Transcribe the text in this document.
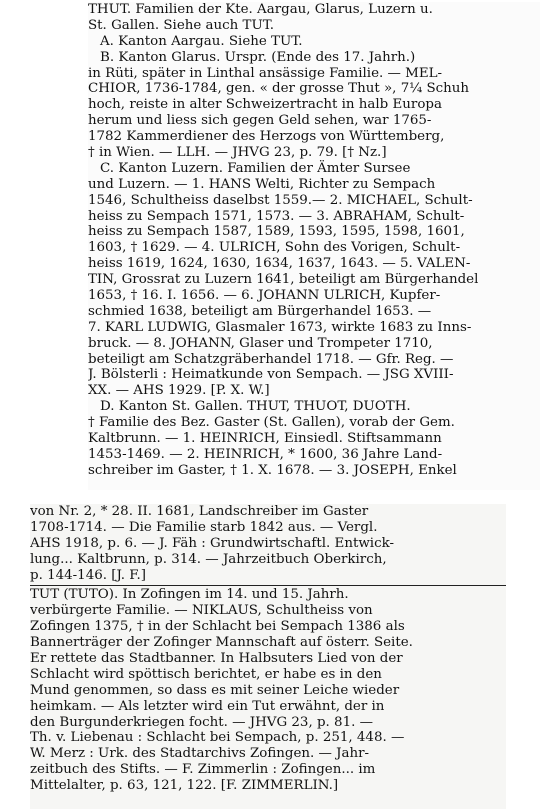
THUT. Familien der Kte. Aargau, Glarus, Luzern u.
St. Gallen. Siehe auch TUT.
A. Kanton Aargau. Siehe TUT.
B. Kanton Glarus. Urspr. (Ende des 17. Jahrh.)
in Rüti, später in Linthal ansässige Familie. — MEL-
CHIOR, 1736-1784, gen. « der grosse Thut », 7¼ Schuh
hoch, reiste in alter Schweizertracht in halb Europa
herum und liess sich gegen Geld sehen, war 1765-
1782 Kammerdiener des Herzogs von Württemberg,
† in Wien. — LLH. — JHVG 23, p. 79. [† Nz.]
C. Kanton Luzern. Familien der Ämter Sursee
und Luzern. — 1. HANS Welti, Richter zu Sempach
1546, Schultheiss daselbst 1559.— 2. MICHAEL, Schult-
heiss zu Sempach 1571, 1573. — 3. ABRAHAM, Schult-
heiss zu Sempach 1587, 1589, 1593, 1595, 1598, 1601,
1603, † 1629. — 4. ULRICH, Sohn des Vorigen, Schult-
heiss 1619, 1624, 1630, 1634, 1637, 1643. — 5. VALEN-
TIN, Grossrat zu Luzern 1641, beteiligt am Bürgerhandel
1653, † 16. I. 1656. — 6. JOHANN ULRICH, Kupfer-
schmied 1638, beteiligt am Bürgerhandel 1653. —
7. KARL LUDWIG, Glasmaler 1673, wirkte 1683 zu Inns-
bruck. — 8. JOHANN, Glaser und Trompeter 1710,
beteiligt am Schatzgräberhandel 1718. — Gfr. Reg. —
J. Bölsterli : Heimatkunde von Sempach. — JSG XVIII-
XX. — AHS 1929. [P. X. W.]
D. Kanton St. Gallen. THUT, THUOT, DUOTH.
† Familie des Bez. Gaster (St. Gallen), vorab der Gem.
Kaltbrunn. — 1. HEINRICH, Einsiedl. Stiftsammann
1453-1469. — 2. HEINRICH, * 1600, 36 Jahre Land-
schreiber im Gaster, † 1. X. 1678. — 3. JOSEPH, Enkel
von Nr. 2, * 28. II. 1681, Landschreiber im Gaster
1708-1714. — Die Familie starb 1842 aus. — Vergl.
AHS 1918, p. 6. — J. Fäh : Grundwirtschaftl. Entwick-
lung... Kaltbrunn, p. 314. — Jahrzeitbuch Oberkirch,
p. 144-146. [J. F.]
TUT (TUTO). In Zofingen im 14. und 15. Jahrh.
verbürgerte Familie. — NIKLAUS, Schultheiss von
Zofingen 1375, † in der Schlacht bei Sempach 1386 als
Bannerträger der Zofinger Mannschaft auf österr. Seite.
Er rettete das Stadtbanner. In Halbsuters Lied von der
Schlacht wird spöttisch berichtet, er habe es in den
Mund genommen, so dass es mit seiner Leiche wieder
heimkam. — Als letzter wird ein Tut erwähnt, der in
den Burgunderkriegen focht. — JHVG 23, p. 81. —
Th. v. Liebenau : Schlacht bei Sempach, p. 251, 448. —
W. Merz : Urk. des Stadtarchivs Zofingen. — Jahr-
zeitbuch des Stifts. — F. Zimmerlin : Zofingen... im
Mittelalter, p. 63, 121, 122. [F. ZIMMERLIN.]
